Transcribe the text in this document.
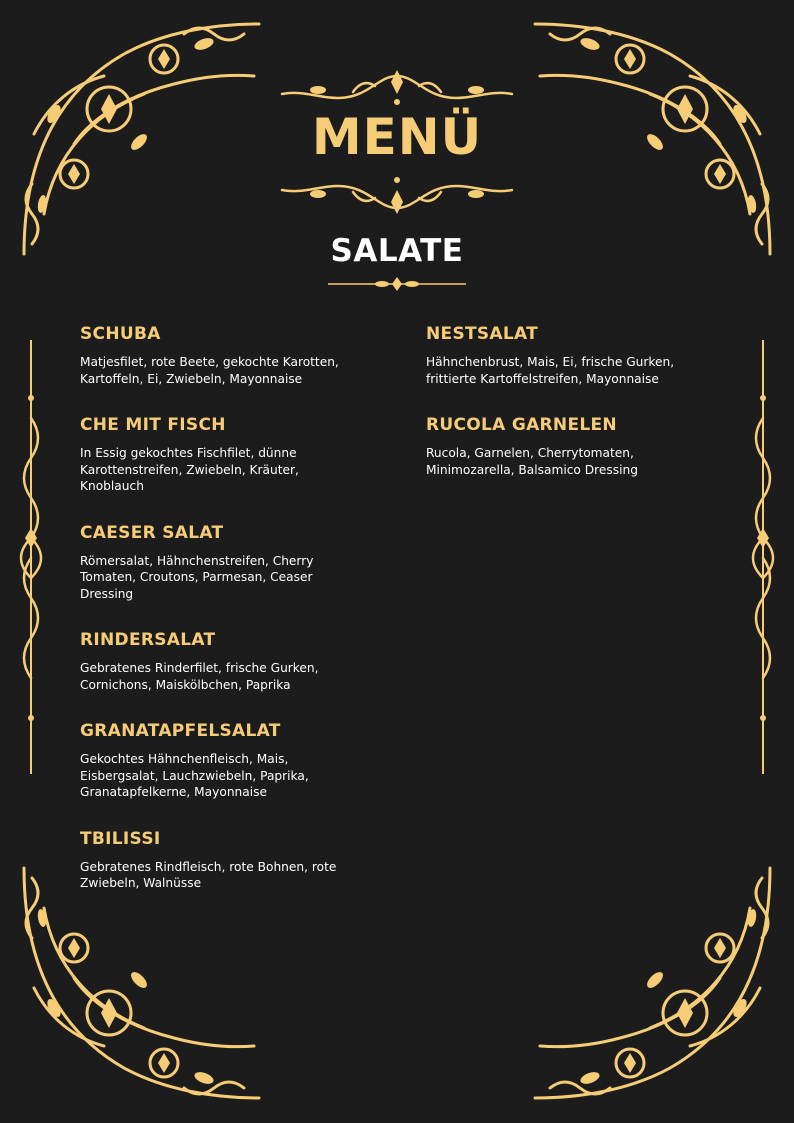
MENÜ
SALATE
SCHUBA
Matjesfilet, rote Beete, gekochte Karotten,
Kartoffeln, Ei, Zwiebeln, Mayonnaise
CHE MIT FISCH
In Essig gekochtes Fischfilet, dünne
Karottenstreifen, Zwiebeln, Kräuter,
Knoblauch
CAESER SALAT
Römersalat, Hähnchenstreifen, Cherry
Tomaten, Croutons, Parmesan, Ceaser
Dressing
RINDERSALAT
Gebratenes Rinderfilet, frische Gurken,
Cornichons, Maiskölbchen, Paprika
GRANATAPFELSALAT
Gekochtes Hähnchenfleisch, Mais,
Eisbergsalat, Lauchzwiebeln, Paprika,
Granatapfelkerne, Mayonnaise
TBILISSI
Gebratenes Rindfleisch, rote Bohnen, rote
Zwiebeln, Walnüsse
NESTSALAT
Hähnchenbrust, Mais, Ei, frische Gurken,
frittierte Kartoffelstreifen, Mayonnaise
RUCOLA GARNELEN
Rucola, Garnelen, Cherrytomaten,
Minimozarella, Balsamico Dressing
